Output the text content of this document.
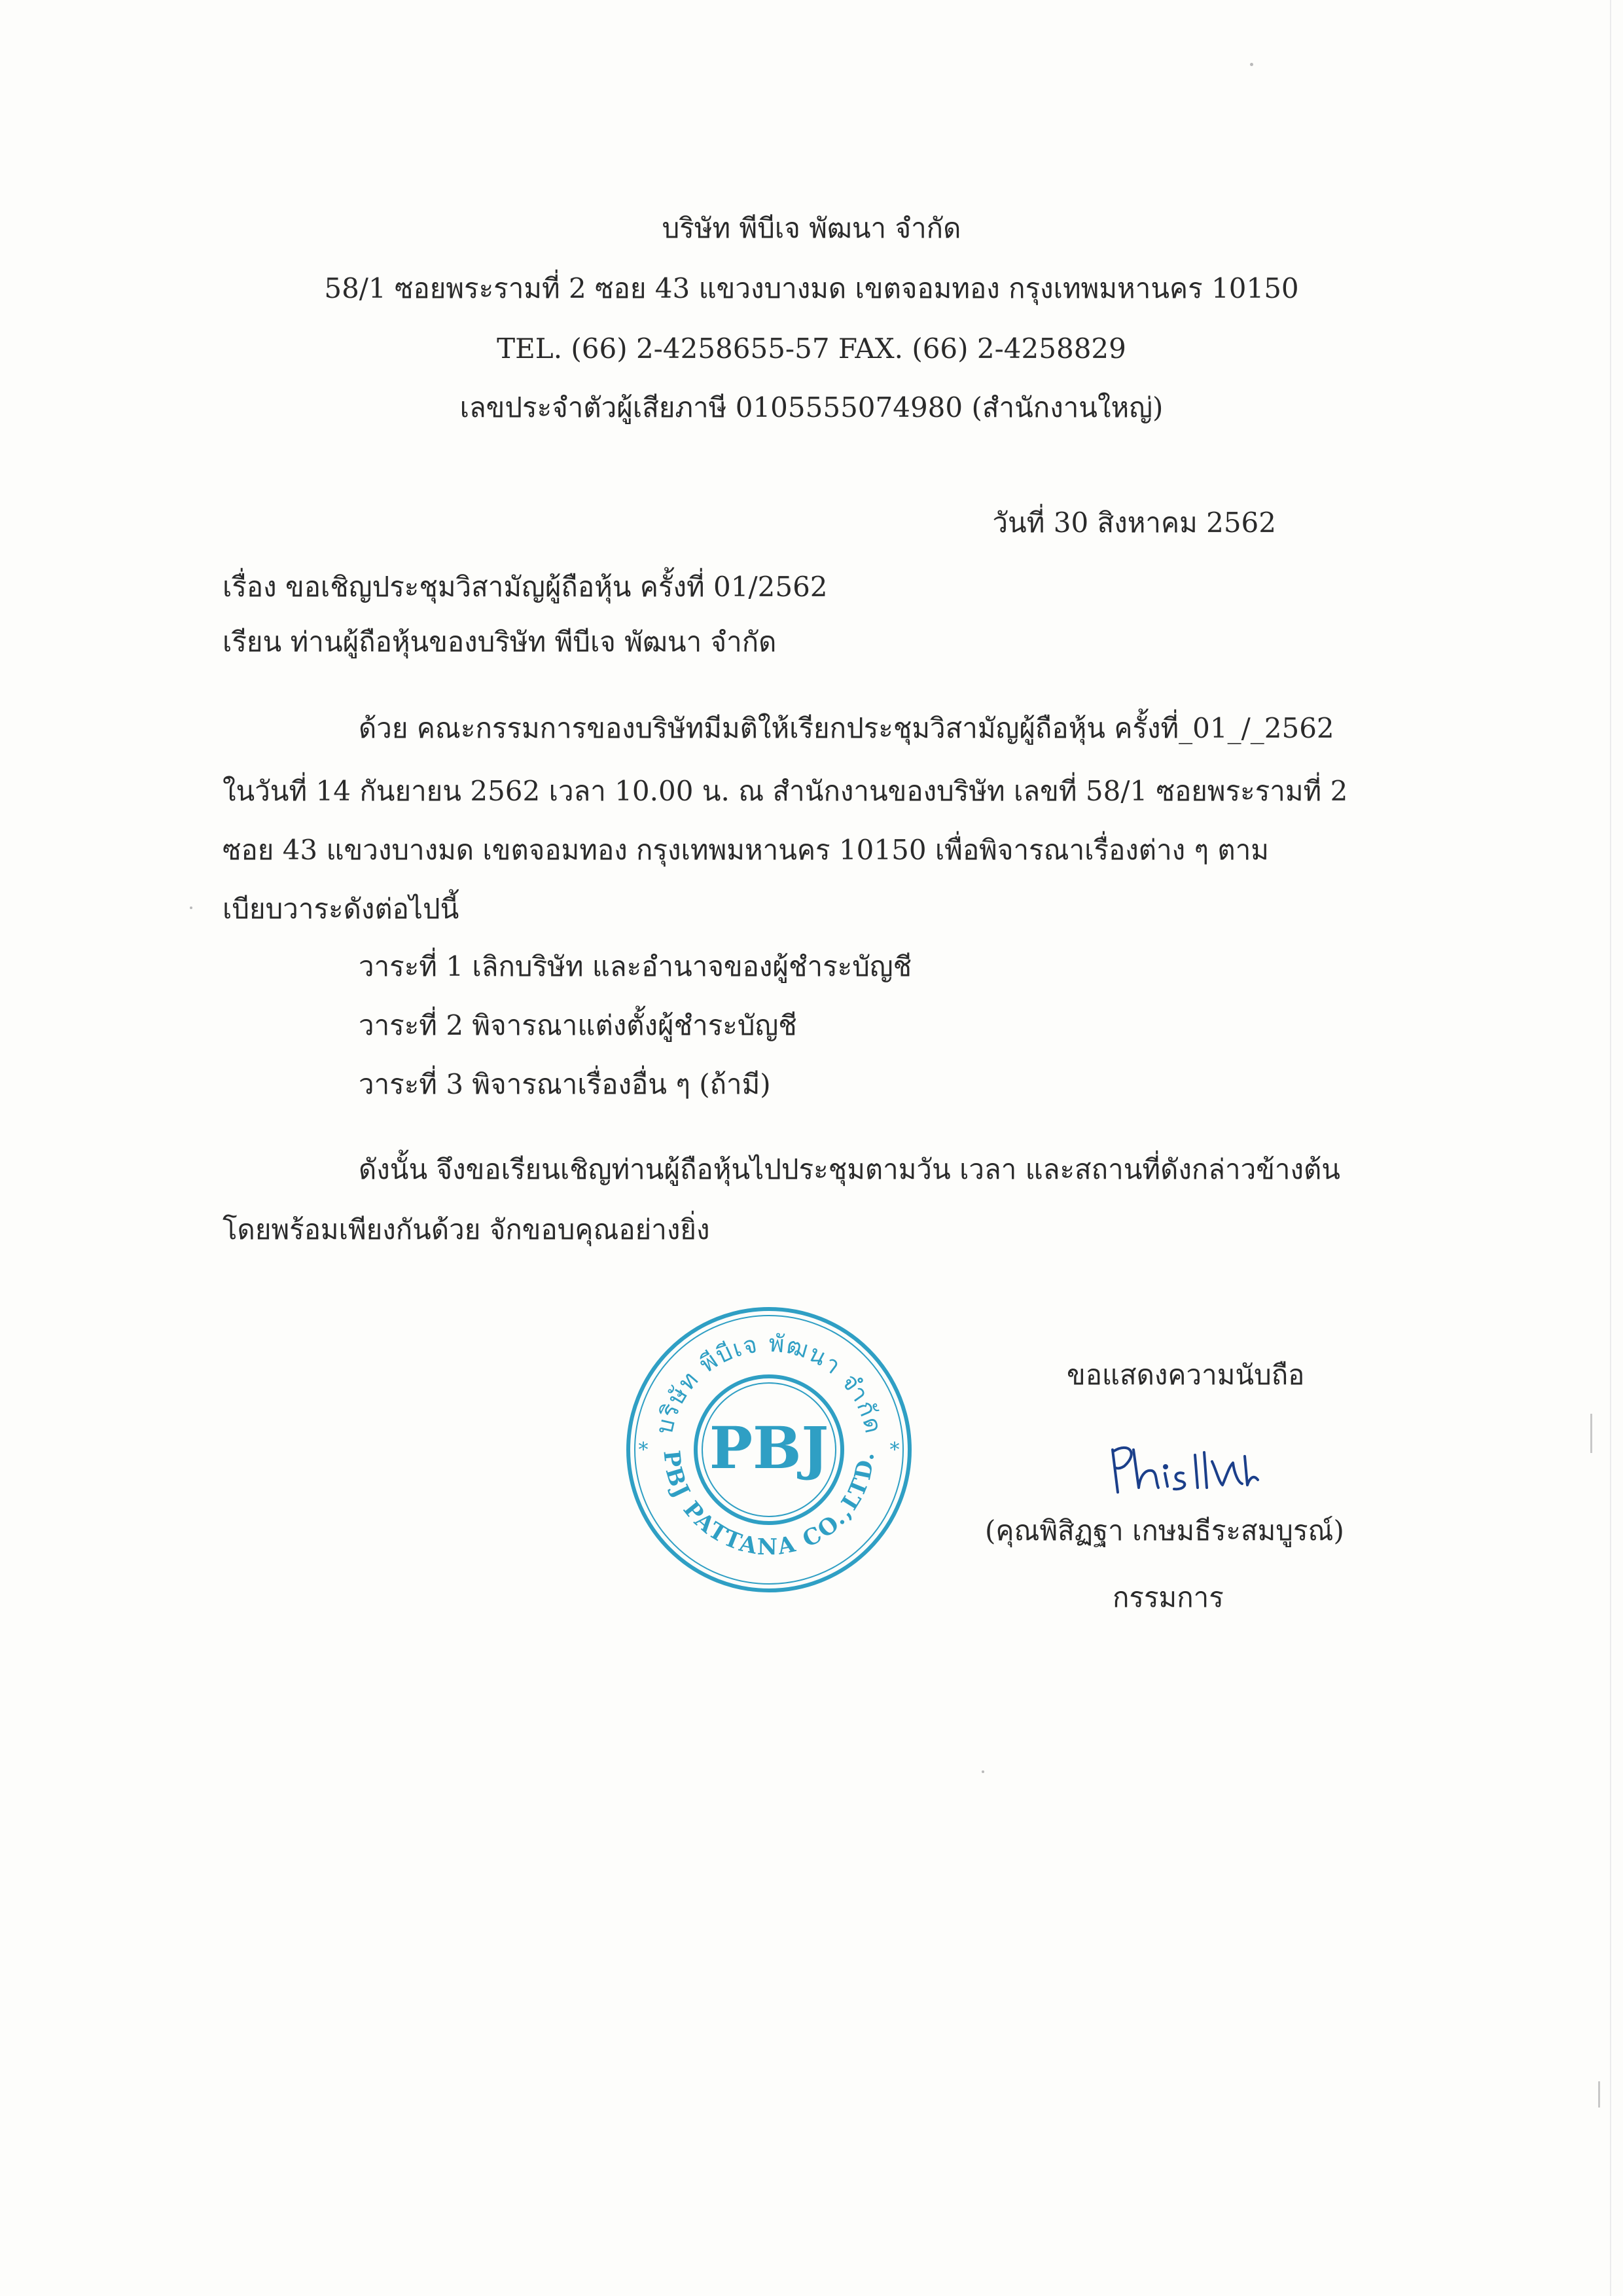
บริษัท พีบีเจ พัฒนา จำกัด
58/1 ซอยพระรามที่ 2 ซอย 43 แขวงบางมด เขตจอมทอง กรุงเทพมหานคร 10150
TEL. (66) 2-4258655-57 FAX. (66) 2-4258829
เลขประจำตัวผู้เสียภาษี 0105555074980 (สำนักงานใหญ่)
วันที่ 30 สิงหาคม 2562
เรื่อง ขอเชิญประชุมวิสามัญผู้ถือหุ้น ครั้งที่ 01/2562
เรียน ท่านผู้ถือหุ้นของบริษัท พีบีเจ พัฒนา จำกัด
ด้วย คณะกรรมการของบริษัทมีมติให้เรียกประชุมวิสามัญผู้ถือหุ้น ครั้งที่_01_/_2562
ในวันที่ 14 กันยายน 2562 เวลา 10.00 น. ณ สำนักงานของบริษัท เลขที่ 58/1 ซอยพระรามที่ 2
ซอย 43 แขวงบางมด เขตจอมทอง กรุงเทพมหานคร 10150 เพื่อพิจารณาเรื่องต่าง ๆ ตาม
เบียบวาระดังต่อไปนี้
วาระที่ 1 เลิกบริษัท และอำนาจของผู้ชำระบัญชี
วาระที่ 2 พิจารณาแต่งตั้งผู้ชำระบัญชี
วาระที่ 3 พิจารณาเรื่องอื่น ๆ (ถ้ามี)
ดังนั้น จึงขอเรียนเชิญท่านผู้ถือหุ้นไปประชุมตามวัน เวลา และสถานที่ดังกล่าวข้างต้น
โดยพร้อมเพียงกันด้วย จักขอบคุณอย่างยิ่ง
ขอแสดงความนับถือ
(คุณพิสิฏฐา เกษมธีระสมบูรณ์)
กรรมการ
PBJ
บริษัท พีบีเจ พัฒนา จำกัด
PBJ PATTANA CO.,LTD.
*	*
